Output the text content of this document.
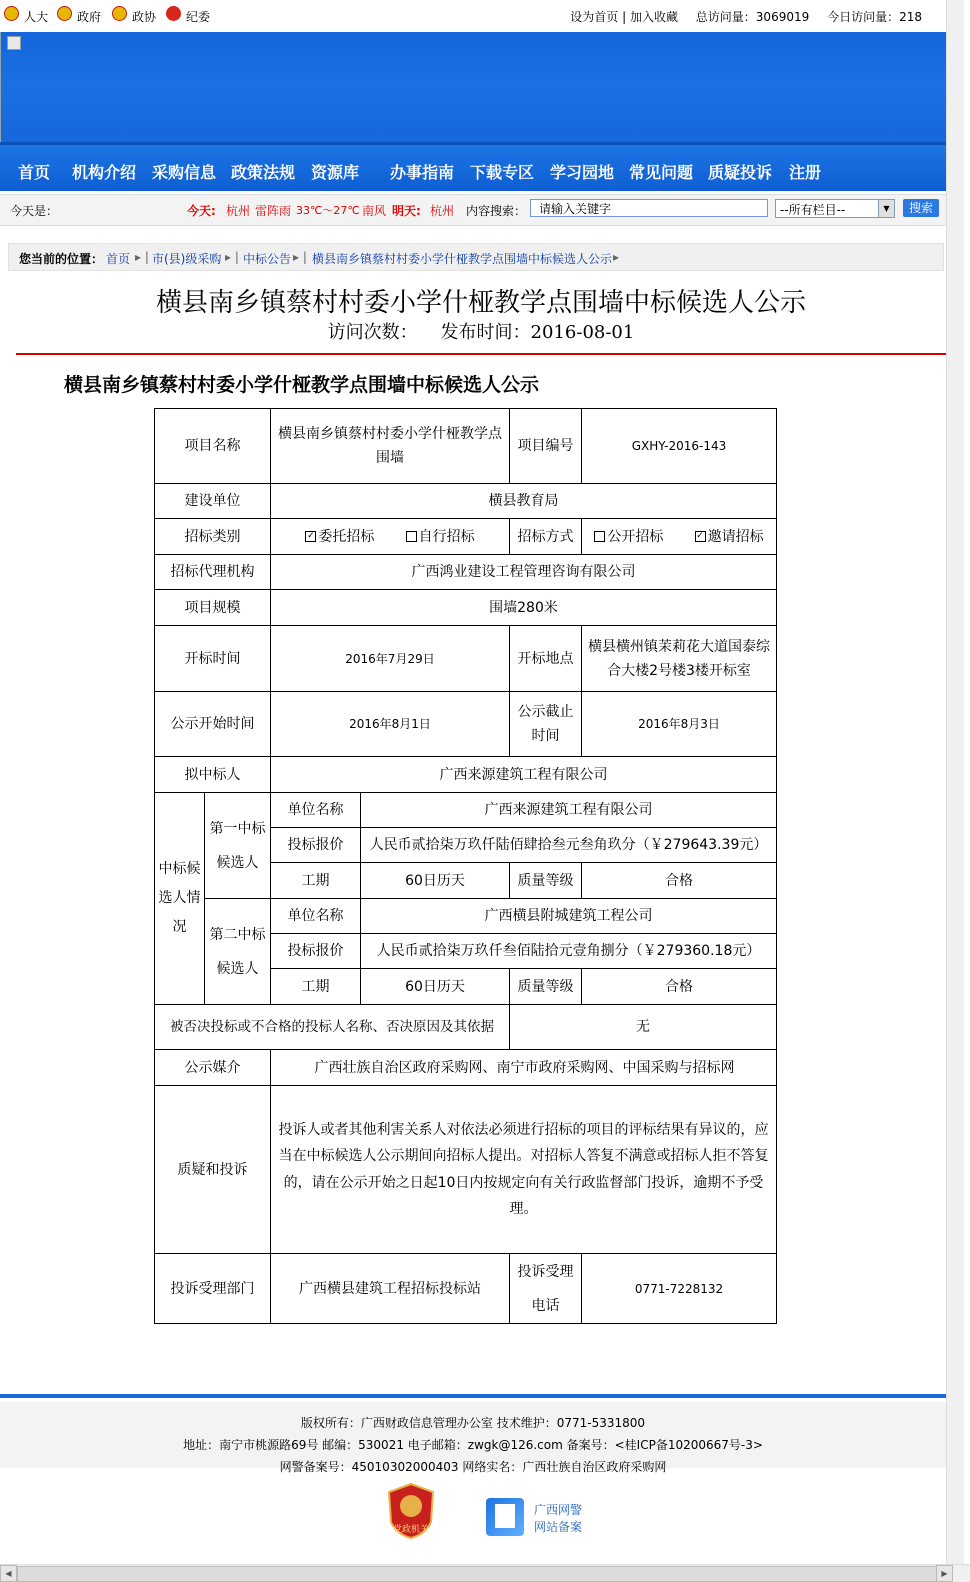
人大 政府	政协 纪委	设为首页 | 加入收藏 总访问量：3069019 今日访问量：218
首页 机构介绍 采购信息 政策法规 资源库 办事指南 下载专区 学习园地 常见问题 质疑投诉 注册
今天是：	今天: 杭州 雷阵雨 33℃～27℃ 南风 明天: 杭州 内容搜索：	请输入关键字	--所有栏目--	▼	搜索
您当前的位置： 首页 ▸ | 市(县)级采购 ▸ | 中标公告 ▸ | 横县南乡镇蔡村村委小学什桠教学点围墙中标候选人公示 ▸
横县南乡镇蔡村村委小学什桠教学点围墙中标候选人公示
访问次数： 发布时间：2016-08-01
横县南乡镇蔡村村委小学什桠教学点围墙中标候选人公示
项目名称		横县南乡镇蔡村村委小学什桠教学点围墙		项目编号	GXHY-2016-143
建设单位		横县教育局			
招标类别		✓ 委托招标 自行招标		招标方式	公开招标 ✓ 邀请招标
招标代理机构		广西鸿业建设工程管理咨询有限公司			
项目规模		围墙280米			
开标时间		2016年7月29日		开标地点	横县横州镇茉莉花大道国泰综合大楼2号楼3楼开标室
公示开始时间		2016年8月1日		公示截止时间	2016年8月3日
拟中标人		广西来源建筑工程有限公司			
中标候选人情况	第一中标候选人	单位名称	广西来源建筑工程有限公司		
		投标报价	人民币贰拾柒万玖仟陆佰肆拾叁元叁角玖分（￥279643.39元）		
		工期	60日历天	质量等级	合格
	第二中标候选人	单位名称	广西横县附城建筑工程公司		
		投标报价	人民币贰拾柒万玖仟叁佰陆拾元壹角捌分（￥279360.18元）		
		工期	60日历天	质量等级	合格
被否决投标或不合格的投标人名称、否决原因及其依据				无	
公示媒介		广西壮族自治区政府采购网、南宁市政府采购网、中国采购与招标网			
质疑和投诉		投诉人或者其他利害关系人对依法必须进行招标的项目的评标结果有异议的，应当在中标候选人公示期间向招标人提出。对招标人答复不满意或招标人拒不答复的，请在公示开始之日起10日内按规定向有关行政监督部门投诉，逾期不予受理。			
投诉受理部门		广西横县建筑工程招标投标站		投诉受理电话	0771-7228132
版权所有：广西财政信息管理办公室 技术维护：0771-5331800
地址：南宁市桃源路69号 邮编：530021 电子邮箱：zwgk@126.com 备案号：<桂ICP备10200667号-3>
网警备案号：45010302000403 网络实名：广西壮族自治区政府采购网
党政机关
广西网警
网站备案
◀	▶
